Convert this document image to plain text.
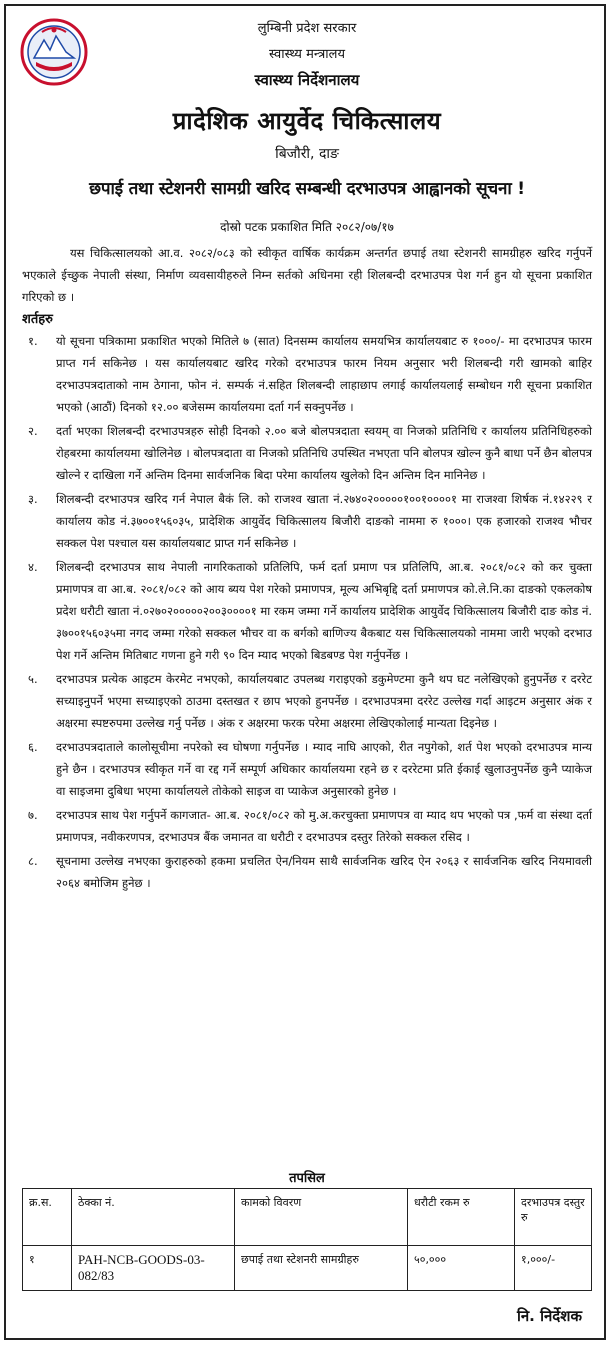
लुम्बिनी प्रदेश सरकार
स्वास्थ्य मन्त्रालय
स्वास्थ्य निर्देशनालय
प्रादेशिक आयुर्वेद चिकित्सालय
बिजौरी, दाङ
छपाई तथा स्टेशनरी सामग्री खरिद सम्बन्धी दरभाउपत्र आह्वानको सूचना !
दोस्रो पटक प्रकाशित मिति २०८२/०७/१७

यस चिकित्सालयको आ.व. २०८२/०८३ को स्वीकृत वार्षिक कार्यक्रम अन्तर्गत छपाई तथा स्टेशनरी सामग्रीहरु खरिद गर्नुपर्ने भएकाले ईच्छुक नेपाली संस्था, निर्माण व्यवसायीहरुले निम्न सर्तको अधिनमा रही शिलबन्दी दरभाउपत्र पेश गर्न हुन यो सूचना प्रकाशित गरिएको छ ।

शर्तहरु
१.	यो सूचना पत्रिकामा प्रकाशित भएको मितिले ७ (सात) दिनसम्म कार्यालय समयभित्र कार्यालयबाट रु १०००/- मा दरभाउपत्र फारम प्राप्त गर्न सकिनेछ । यस कार्यालयबाट खरिद गरेको दरभाउपत्र फारम नियम अनुसार भरी शिलबन्दी गरी खामको बाहिर दरभाउपत्रदाताको नाम ठेगाना, फोन नं. सम्पर्क नं.सहित शिलबन्दी लाहाछाप लगाई कार्यालयलाई सम्बोधन गरी सूचना प्रकाशित भएको (आठौं) दिनको १२.०० बजेसम्म कार्यालयमा दर्ता गर्न सक्नुपर्नेछ ।
२.	दर्ता भएका शिलबन्दी दरभाउपत्रहरु सोही दिनको २.०० बजे बोलपत्रदाता स्वयम् वा निजको प्रतिनिधि र कार्यालय प्रतिनिधिहरुको रोहबरमा कार्यालयमा खोलिनेछ । बोलपत्रदाता वा निजको प्रतिनिधि उपस्थित नभएता पनि बोलपत्र खोल्न कुनै बाधा पर्ने छैन बोलपत्र खोल्ने र दाखिला गर्ने अन्तिम दिनमा सार्वजनिक बिदा परेमा कार्यालय खुलेको दिन अन्तिम दिन मानिनेछ ।
३.	शिलबन्दी दरभाउपत्र खरिद गर्न नेपाल बैकं लि. को राजश्व खाता नं.२७४०२०००००१००१००००१ मा राजश्वा शिर्षक नं.१४२२९ र कार्यालय कोड नं.३७००१५६०३५, प्रादेशिक आयुर्वेद चिकित्सालय बिजौरी दाङको नाममा रु १०००। एक हजारको राजश्व भौचर सक्कल पेश पश्चाल यस कार्यालयबाट प्राप्त गर्न सकिनेछ ।
४.	शिलबन्दी दरभाउपत्र साथ नेपाली नागरिकताको प्रतिलिपि, फर्म दर्ता प्रमाण पत्र प्रतिलिपि, आ.ब. २०८१/०८२ को कर चुक्ता प्रमाणपत्र वा आ.ब. २०८१/०८२ को आय ब्यय पेश गरेको प्रमाणपत्र, मूल्य अभिबृद्दि दर्ता प्रमाणपत्र को.ले.नि.का दाङको एकलकोष प्रदेश धरौटी खाता नं.०२७०२०००००२००३००००१ मा रकम जम्मा गर्ने कार्यालय प्रादेशिक आयुर्वेद चिकित्सालय बिजौरी दाङ कोड नं. ३७००१५६०३५मा नगद जम्मा गरेको सक्कल भौचर वा क बर्गको बाणिज्य बैकबाट यस चिकित्सालयको नाममा जारी भएको दरभाउ पेश गर्ने अन्तिम मितिबाट गणना हुने गरी ९० दिन म्याद भएको बिडबण्ड पेश गर्नुपर्नेछ ।
५.	दरभाउपत्र प्रत्येक आइटम केरमेट नभएको, कार्यालयबाट उपलब्ध गराइएको डकुमेण्टमा कुनै थप घट नलेखिएको हुनुपर्नेछ र दररेट सच्याइनुपर्ने भएमा सच्याइएको ठाउमा दस्तखत र छाप भएको हुनपर्नेछ । दरभाउपत्रमा दररेट उल्लेख गर्दा आइटम अनुसार अंक र अक्षरमा स्पष्टरुपमा उल्लेख गर्नु पर्नेछ । अंक र अक्षरमा फरक परेमा अक्षरमा लेखिएकोलाई मान्यता दिइनेछ ।
६.	दरभाउपत्रदाताले कालोसूचीमा नपरेको स्व घोषणा गर्नुपर्नेछ । म्याद नाघि आएको, रीत नपुगेको, शर्त पेश भएको दरभाउपत्र मान्य हुने छैन । दरभाउपत्र स्वीकृत गर्ने वा रद्द गर्ने सम्पूर्ण अधिकार कार्यालयमा रहने छ र दररेटमा प्रति ईकाई खुलाउनुपर्नेछ कुनै प्याकेज वा साइजमा दुबिधा भएमा कार्यालयले तोकेको साइज वा प्याकेज अनुसारको हुनेछ ।
७.	दरभाउपत्र साथ पेश गर्नुपर्ने कागजात- आ.ब. २०८१/०८२ को मु.अ.करचुक्ता प्रमाणपत्र वा म्याद थप भएको पत्र ,फर्म वा संस्था दर्ता प्रमाणपत्र, नवीकरणपत्र, दरभाउपत्र बैंक जमानत वा धरौटी र दरभाउपत्र दस्तुर तिरेको सक्कल रसिद ।
८.	सूचनामा उल्लेख नभएका कुराहरुको हकमा प्रचलित ऐन/नियम साथै सार्वजनिक खरिद ऐन २०६३ र सार्वजनिक खरिद नियमावली २०६४ बमोजिम हुनेछ ।
तपसिल
क्र.स.	ठेक्का नं.	कामको विवरण	धरौटी रकम रु	दरभाउपत्र दस्तुर रु
१	PAH-NCB-GOODS-03-082/83	छपाई तथा स्टेशनरी सामग्रीहरु	५०,०००	१,०००/-
नि. निर्देशक
